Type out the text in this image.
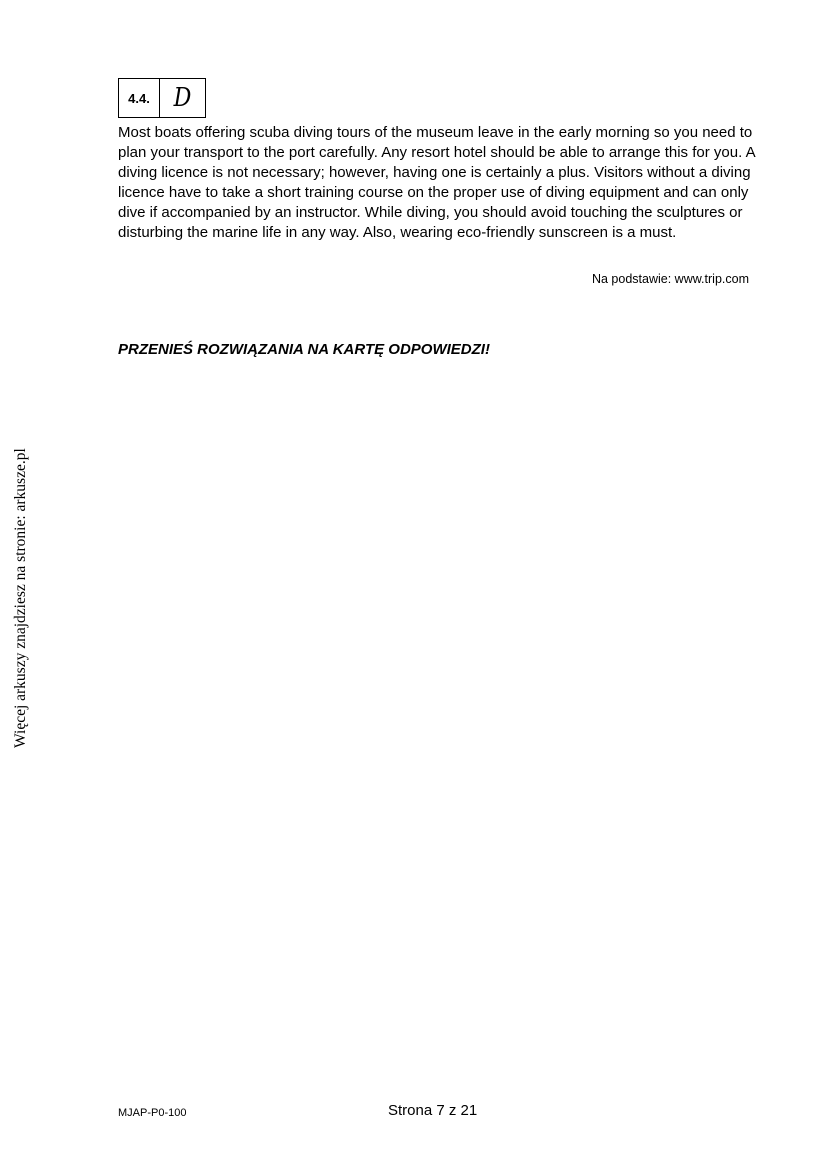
4.4. D

Most boats offering scuba diving tours of the museum leave in the early morning so you need to plan your transport to the port carefully. Any resort hotel should be able to arrange this for you. A diving licence is not necessary; however, having one is certainly a plus. Visitors without a diving licence have to take a short training course on the proper use of diving equipment and can only dive if accompanied by an instructor. While diving, you should avoid touching the sculptures or disturbing the marine life in any way. Also, wearing eco-friendly sunscreen is a must.

Na podstawie: www.trip.com

PRZENIEŚ ROZWIĄZANIA NA KARTĘ ODPOWIEDZI!

Więcej arkuszy znajdziesz na stronie: arkusze.pl

MJAP-P0-100	Strona 7 z 21
